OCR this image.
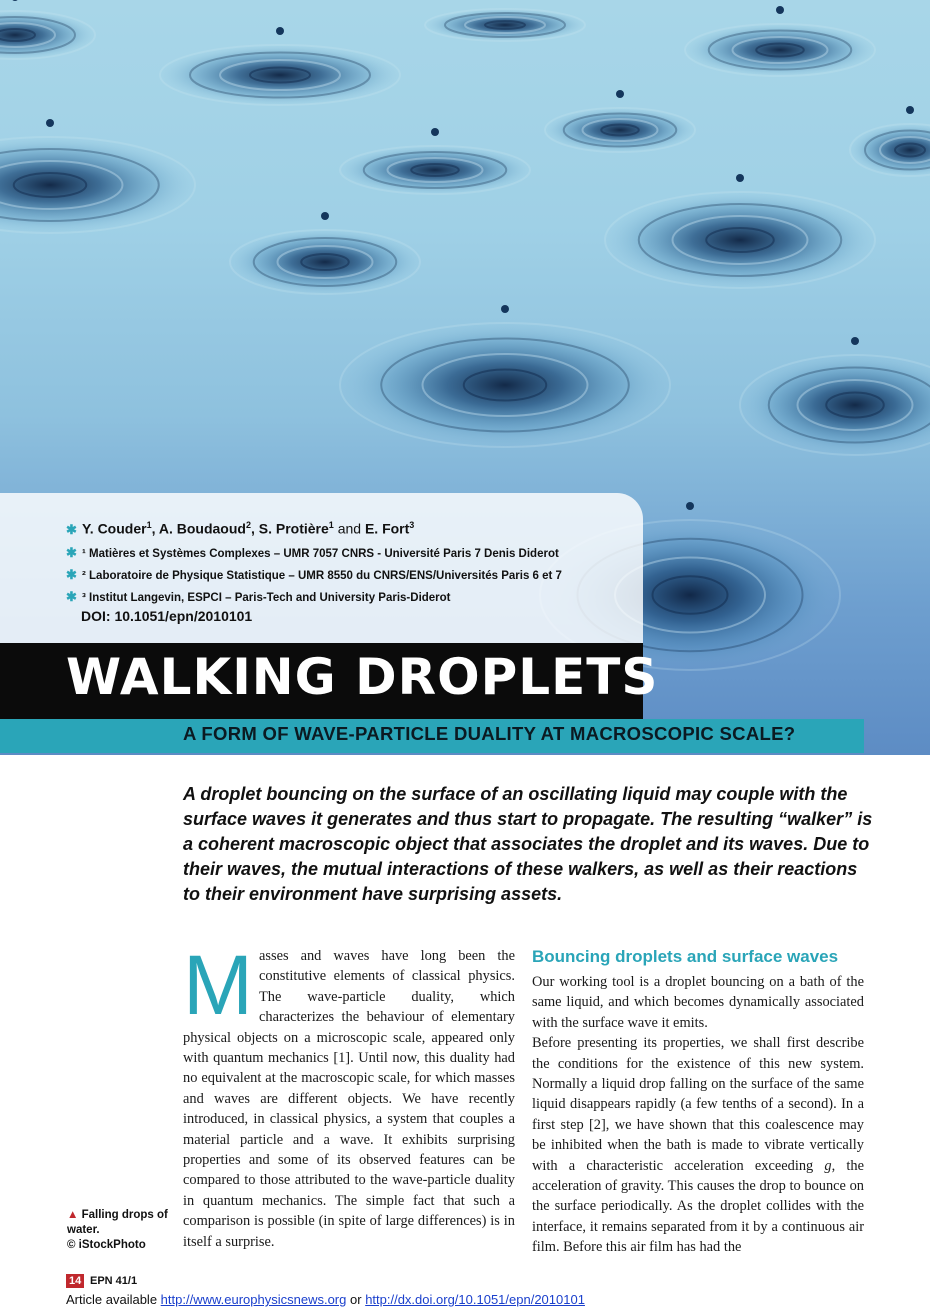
✱ Y. Couder$^1$, A. Boudaoud$^2$, S. Protière$^1$ and E. Fort$^3$
✱ ¹ Matières et Systèmes Complexes – UMR 7057 CNRS - Université Paris 7 Denis Diderot
✱ ² Laboratoire de Physique Statistique – UMR 8550 du CNRS/ENS/Universités Paris 6 et 7
✱ ³ Institut Langevin, ESPCI – Paris-Tech and University Paris-Diderot
DOI: 10.1051/epn/2010101
WALKING DROPLETS
A FORM OF WAVE-PARTICLE DUALITY AT MACROSCOPIC SCALE?
A droplet bouncing on the surface of an oscillating liquid may couple with the surface waves it generates and thus start to propagate. The resulting “walker” is a coherent macroscopic object that associates the droplet and its waves. Due to their waves, the mutual interactions of these walkers, as well as their reactions to their environment have surprising assets.
Masses and waves have long been the constitutive elements of classical physics. The wave-particle duality, which characterizes the behaviour of elementary physical objects on a microscopic scale, appeared only with quantum mechanics [1]. Until now, this duality had no equivalent at the macroscopic scale, for which masses and waves are different objects. We have recently introduced, in classical physics, a system that couples a material particle and a wave. It exhibits surprising properties and some of its observed features can be compared to those attributed to the wave-particle duality in quantum mechanics. The simple fact that such a comparison is possible (in spite of large differences) is in itself a surprise.
Bouncing droplets and surface waves

Our working tool is a droplet bouncing on a bath of the same liquid, and which becomes dynamically associated with the surface wave it emits.

Before presenting its properties, we shall first describe the conditions for the existence of this new system. Normally a liquid drop falling on the surface of the same liquid disappears rapidly (a few tenths of a second). In a first step [2], we have shown that this coalescence may be inhibited when the bath is made to vibrate vertically with a characteristic acceleration exceeding g, the acceleration of gravity. This causes the drop to bounce on the surface periodically. As the droplet collides with the interface, it remains separated from it by a continuous air film. Before this air film has had the

▲ Falling drops of water.
© iStockPhoto
14 EPN 41/1
Article available http://www.europhysicsnews.org or http://dx.doi.org/10.1051/epn/2010101
